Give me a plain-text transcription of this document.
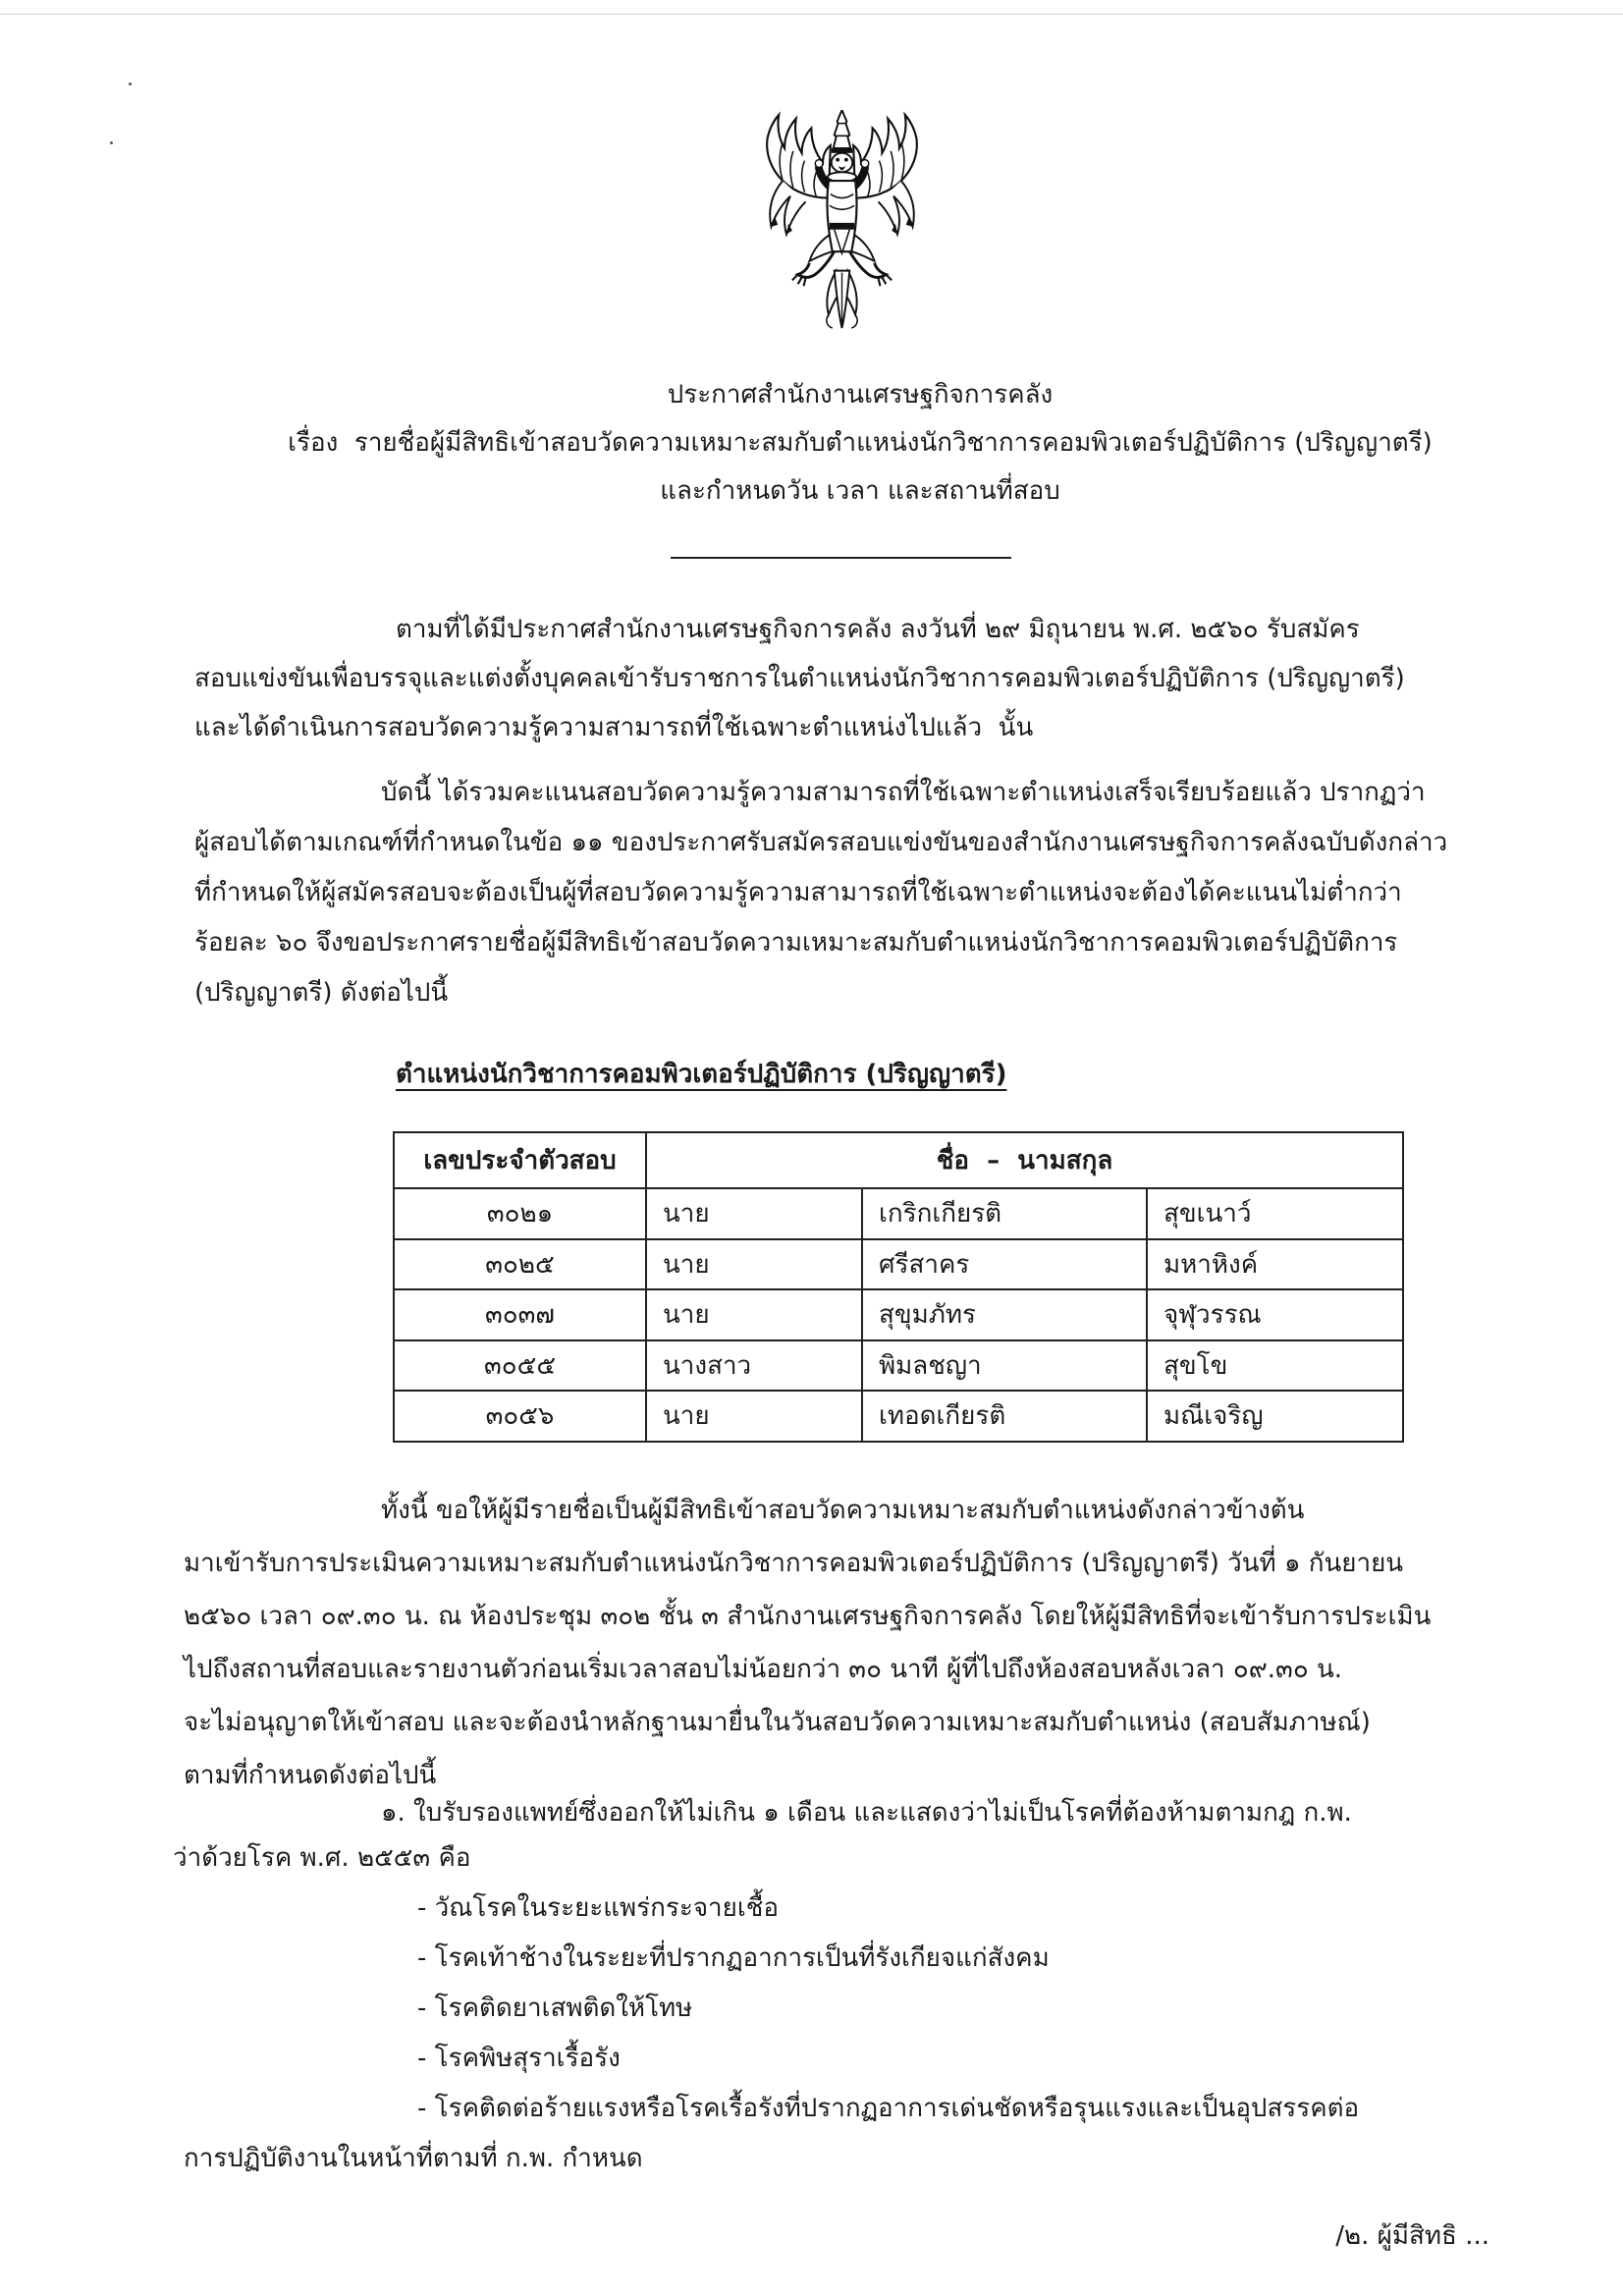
ประกาศสำนักงานเศรษฐกิจการคลัง
เรื่อง  รายชื่อผู้มีสิทธิเข้าสอบวัดความเหมาะสมกับตำแหน่งนักวิชาการคอมพิวเตอร์ปฏิบัติการ (ปริญญาตรี)
และกำหนดวัน เวลา และสถานที่สอบ
ตามที่ได้มีประกาศสำนักงานเศรษฐกิจการคลัง ลงวันที่ ๒๙ มิถุนายน พ.ศ. ๒๕๖๐ รับสมัคร
สอบแข่งขันเพื่อบรรจุและแต่งตั้งบุคคลเข้ารับราชการในตำแหน่งนักวิชาการคอมพิวเตอร์ปฏิบัติการ (ปริญญาตรี)
และได้ดำเนินการสอบวัดความรู้ความสามารถที่ใช้เฉพาะตำแหน่งไปแล้ว  นั้น
บัดนี้ ได้รวมคะแนนสอบวัดความรู้ความสามารถที่ใช้เฉพาะตำแหน่งเสร็จเรียบร้อยแล้ว ปรากฏว่า
ผู้สอบได้ตามเกณฑ์ที่กำหนดในข้อ ๑๑ ของประกาศรับสมัครสอบแข่งขันของสำนักงานเศรษฐกิจการคลังฉบับดังกล่าว
ที่กำหนดให้ผู้สมัครสอบจะต้องเป็นผู้ที่สอบวัดความรู้ความสามารถที่ใช้เฉพาะตำแหน่งจะต้องได้คะแนนไม่ต่ำกว่า
ร้อยละ ๖๐ จึงขอประกาศรายชื่อผู้มีสิทธิเข้าสอบวัดความเหมาะสมกับตำแหน่งนักวิชาการคอมพิวเตอร์ปฏิบัติการ
(ปริญญาตรี) ดังต่อไปนี้
ตำแหน่งนักวิชาการคอมพิวเตอร์ปฏิบัติการ (ปริญญาตรี)
เลขประจำตัวสอบ	ชื่อ  –  นามสกุล		
๓๐๒๑	นาย	เกริกเกียรติ	สุขเนาว์
๓๐๒๕	นาย	ศรีสาคร	มหาหิงค์
๓๐๓๗	นาย	สุขุมภัทร	จุฬุวรรณ
๓๐๕๕	นางสาว	พิมลชญา	สุขโข
๓๐๕๖	นาย	เทอดเกียรติ	มณีเจริญ
ทั้งนี้ ขอให้ผู้มีรายชื่อเป็นผู้มีสิทธิเข้าสอบวัดความเหมาะสมกับตำแหน่งดังกล่าวข้างต้น
มาเข้ารับการประเมินความเหมาะสมกับตำแหน่งนักวิชาการคอมพิวเตอร์ปฏิบัติการ (ปริญญาตรี) วันที่ ๑ กันยายน
๒๕๖๐ เวลา ๐๙.๓๐ น. ณ ห้องประชุม ๓๐๒ ชั้น ๓ สำนักงานเศรษฐกิจการคลัง โดยให้ผู้มีสิทธิที่จะเข้ารับการประเมิน
ไปถึงสถานที่สอบและรายงานตัวก่อนเริ่มเวลาสอบไม่น้อยกว่า ๓๐ นาที ผู้ที่ไปถึงห้องสอบหลังเวลา ๐๙.๓๐ น.
จะไม่อนุญาตให้เข้าสอบ และจะต้องนำหลักฐานมายื่นในวันสอบวัดความเหมาะสมกับตำแหน่ง (สอบสัมภาษณ์)
ตามที่กำหนดดังต่อไปนี้
๑. ใบรับรองแพทย์ซึ่งออกให้ไม่เกิน ๑ เดือน และแสดงว่าไม่เป็นโรคที่ต้องห้ามตามกฎ ก.พ.
ว่าด้วยโรค พ.ศ. ๒๕๕๓ คือ
- วัณโรคในระยะแพร่กระจายเชื้อ
- โรคเท้าช้างในระยะที่ปรากฏอาการเป็นที่รังเกียจแก่สังคม
- โรคติดยาเสพติดให้โทษ
- โรคพิษสุราเรื้อรัง
- โรคติดต่อร้ายแรงหรือโรคเรื้อรังที่ปรากฏอาการเด่นชัดหรือรุนแรงและเป็นอุปสรรคต่อ
การปฏิบัติงานในหน้าที่ตามที่ ก.พ. กำหนด
/๒. ผู้มีสิทธิ ...
